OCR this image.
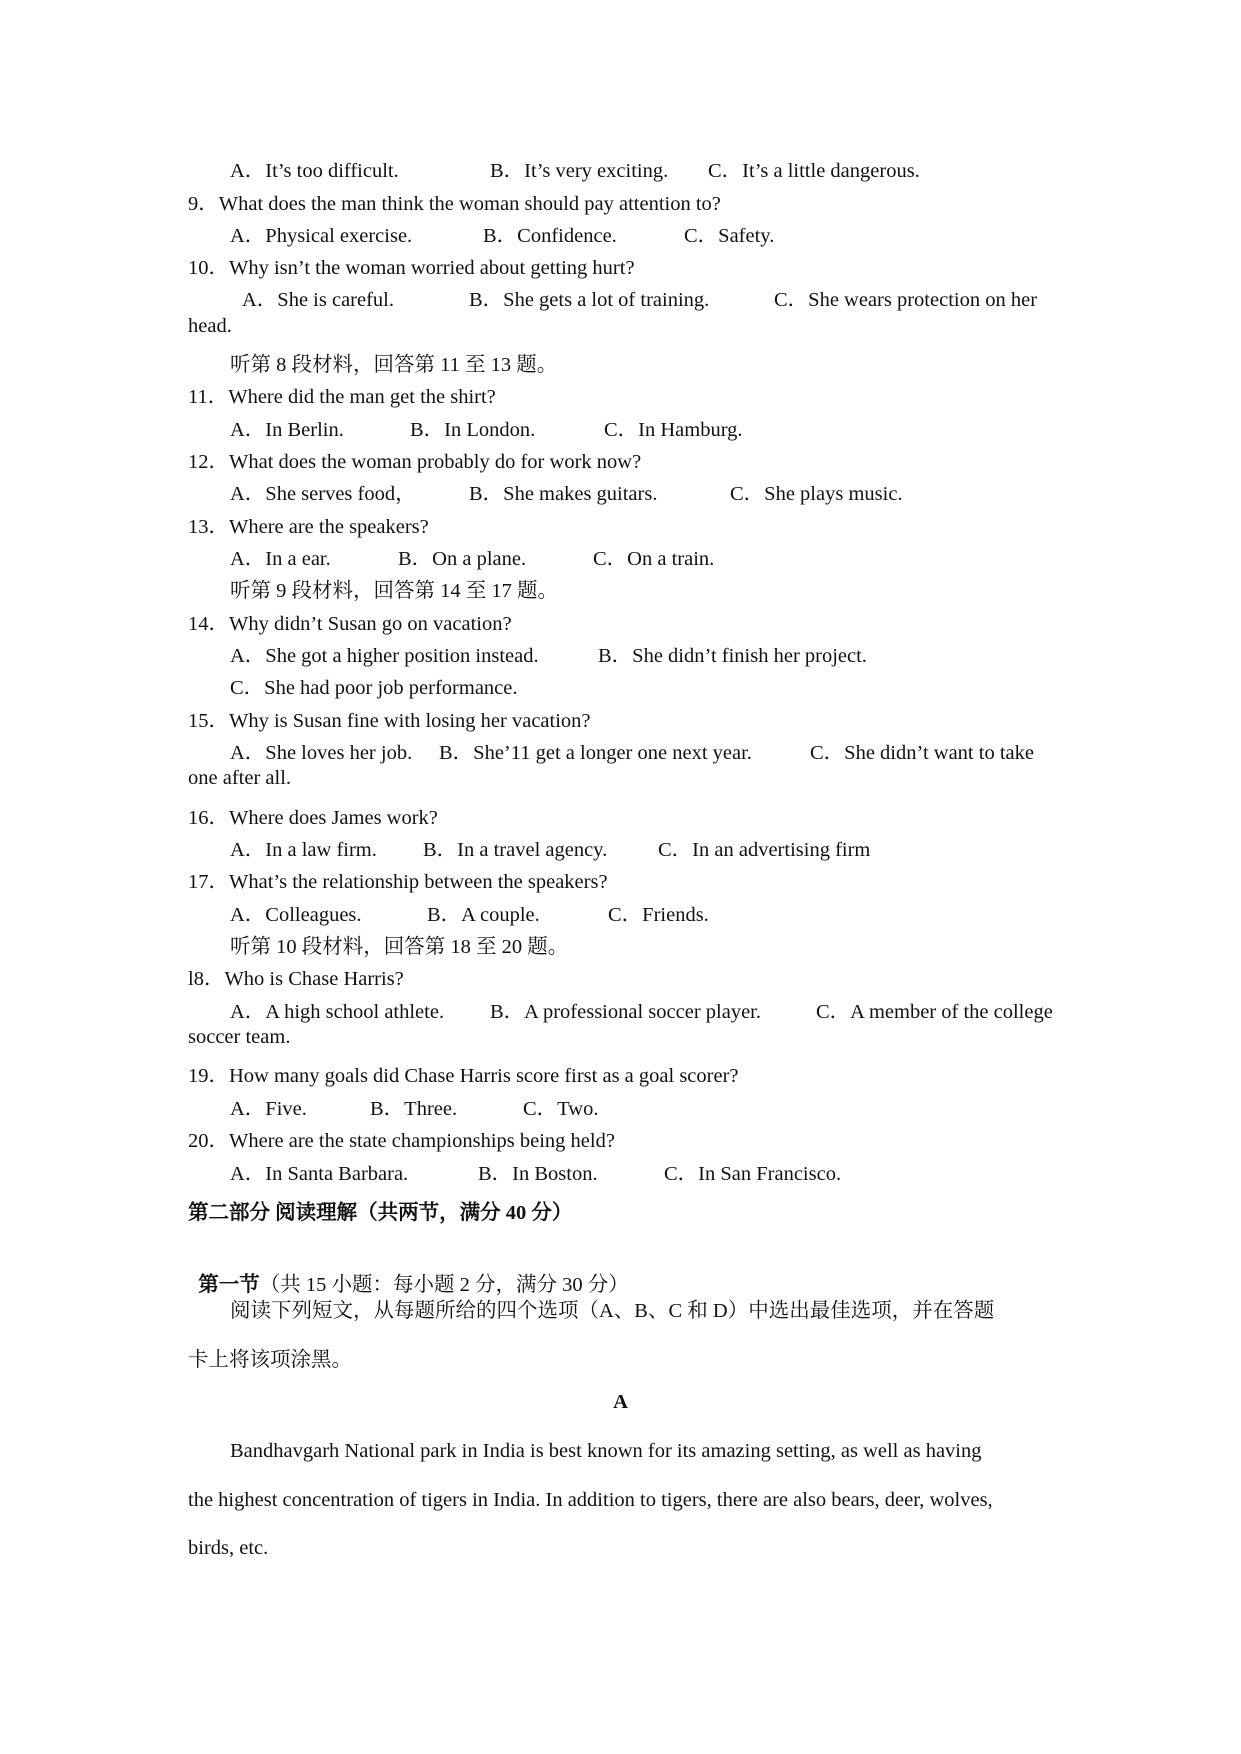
A．It’s too difficult.	B．It’s very exciting. C．It’s a little dangerous.
9．What does the man think the woman should pay attention to?
A．Physical exercise.	B．Confidence.	C．Safety.
10．Why isn’t the woman worried about getting hurt?
A．She is careful.	B．She gets a lot of training.	C．She wears protection on her
head.
听第 8 段材料，回答第 11 至 13 题。
11．Where did the man get the shirt?
A．In Berlin.	B．In London.	C．In Hamburg.
12．What does the woman probably do for work now?
A．She serves food，	B．She makes guitars.	C．She plays music.
13．Where are the speakers?
A．In a ear.	B．On a plane.	C．On a train.
听第 9 段材料，回答第 14 至 17 题。
14．Why didn’t Susan go on vacation?
A．She got a higher position instead.	B．She didn’t finish her project.
C．She had poor job performance.
15．Why is Susan fine with losing her vacation?
A．She loves her job. B．She’11 get a longer one next year.	C．She didn’t want to take
one after all.
16．Where does James work?
A．In a law firm. B．In a travel agency. C．In an advertising firm
17．What’s the relationship between the speakers?
A．Colleagues.	B．A couple.	C．Friends.
听第 10 段材料，回答第 18 至 20 题。
l8．Who is Chase Harris?
A．A high school athlete. B．A professional soccer player.	C．A member of the college
soccer team.
19．How many goals did Chase Harris score first as a goal scorer?
A．Five.	B．Three.	C．Two.
20．Where are the state championships being held?
A．In Santa Barbara.	B．In Boston.	C．In San Francisco.
第二部分 阅读理解（共两节，满分 40 分）

第一节（共 15 小题：每小题 2 分，满分 30 分）

阅读下列短文，从每题所给的四个选项（A、B、C 和 D）中选出最佳选项，并在答题
卡上将该项涂黑。
A
Bandhavgarh National park in India is best known for its amazing setting, as well as having
the highest concentration of tigers in India. In addition to tigers, there are also bears, deer, wolves,
birds, etc.
